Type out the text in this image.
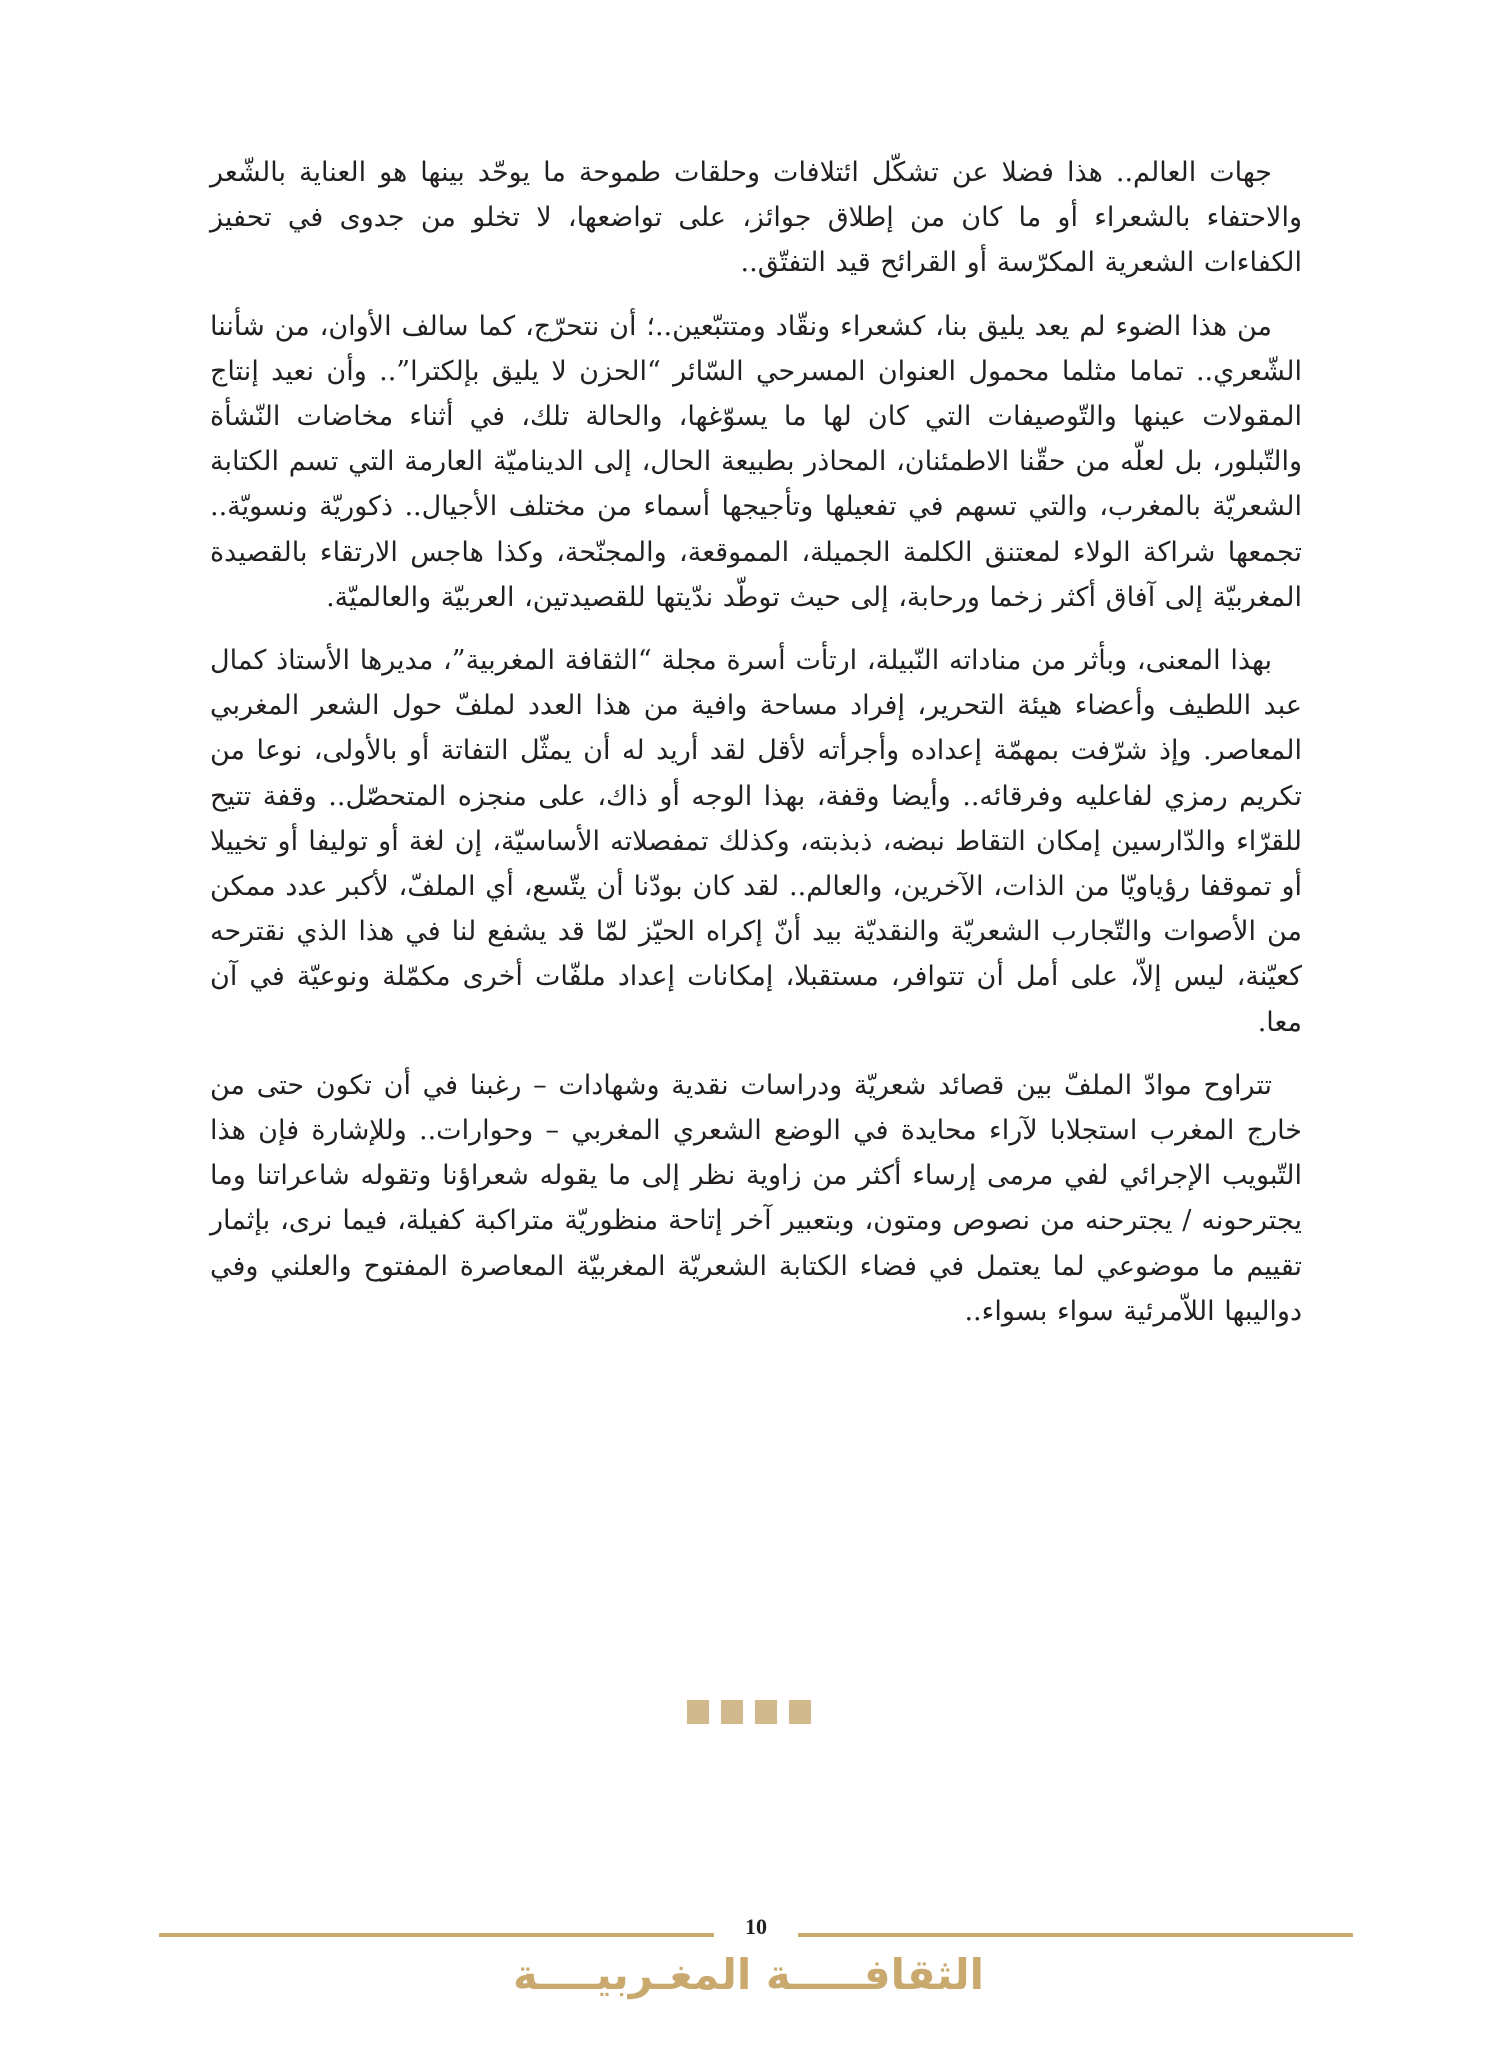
جهات العالم.. هذا فضلا عن تشكّل ائتلافات وحلقات طموحة ما يوحّد بينها هو العناية بالشّعر والاحتفاء بالشعراء أو ما كان من إطلاق جوائز، على تواضعها، لا تخلو من جدوى في تحفيز الكفاءات الشعرية المكرّسة أو القرائح قيد التفتّق..

من هذا الضوء لم يعد يليق بنا، كشعراء ونقّاد ومتتبّعين..؛ أن نتحرّج، كما سالف الأوان، من شأننا الشّعري.. تماما مثلما محمول العنوان المسرحي السّائر “الحزن لا يليق بإلكترا”.. وأن نعيد إنتاج المقولات عينها والتّوصيفات التي كان لها ما يسوّغها، والحالة تلك، في أثناء مخاضات النّشأة والتّبلور، بل لعلّه من حقّنا الاطمئنان، المحاذر بطبيعة الحال، إلى الديناميّة العارمة التي تسم الكتابة الشعريّة بالمغرب، والتي تسهم في تفعيلها وتأجيجها أسماء من مختلف الأجيال.. ذكوريّة ونسويّة.. تجمعها شراكة الولاء لمعتنق الكلمة الجميلة، المموقعة، والمجنّحة، وكذا هاجس الارتقاء بالقصيدة المغربيّة إلى آفاق أكثر زخما ورحابة، إلى حيث توطّد ندّيتها للقصيدتين، العربيّة والعالميّة.

بهذا المعنى، وبأثر من مناداته النّبيلة، ارتأت أسرة مجلة “الثقافة المغربية”، مديرها الأستاذ كمال عبد اللطيف وأعضاء هيئة التحرير، إفراد مساحة وافية من هذا العدد لملفّ حول الشعر المغربي المعاصر. وإذ شرّفت بمهمّة إعداده وأجرأته لأقل لقد أريد له أن يمثّل التفاتة أو بالأولى، نوعا من تكريم رمزي لفاعليه وفرقائه.. وأيضا وقفة، بهذا الوجه أو ذاك، على منجزه المتحصّل.. وقفة تتيح للقرّاء والدّارسين إمكان التقاط نبضه، ذبذبته، وكذلك تمفصلاته الأساسيّة، إن لغة أو توليفا أو تخييلا أو تموقفا رؤياويّا من الذات، الآخرين، والعالم.. لقد كان بودّنا أن يتّسع، أي الملفّ، لأكبر عدد ممكن من الأصوات والتّجارب الشعريّة والنقديّة بيد أنّ إكراه الحيّز لمّا قد يشفع لنا في هذا الذي نقترحه كعيّنة، ليس إلاّ، على أمل أن تتوافر، مستقبلا، إمكانات إعداد ملفّات أخرى مكمّلة ونوعيّة في آن معا.

تتراوح موادّ الملفّ بين قصائد شعريّة ودراسات نقدية وشهادات – رغبنا في أن تكون حتى من خارج المغرب استجلابا لآراء محايدة في الوضع الشعري المغربي – وحوارات.. وللإشارة فإن هذا التّبويب الإجرائي لفي مرمى إرساء أكثر من زاوية نظر إلى ما يقوله شعراؤنا وتقوله شاعراتنا وما يجترحونه / يجترحنه من نصوص ومتون، وبتعبير آخر إتاحة منظوريّة متراكبة كفيلة، فيما نرى، بإثمار تقييم ما موضوعي لما يعتمل في فضاء الكتابة الشعريّة المغربيّة المعاصرة المفتوح والعلني وفي دواليبها اللاّمرئية سواء بسواء..

10
الثقافـــــة المغـربيــــة
